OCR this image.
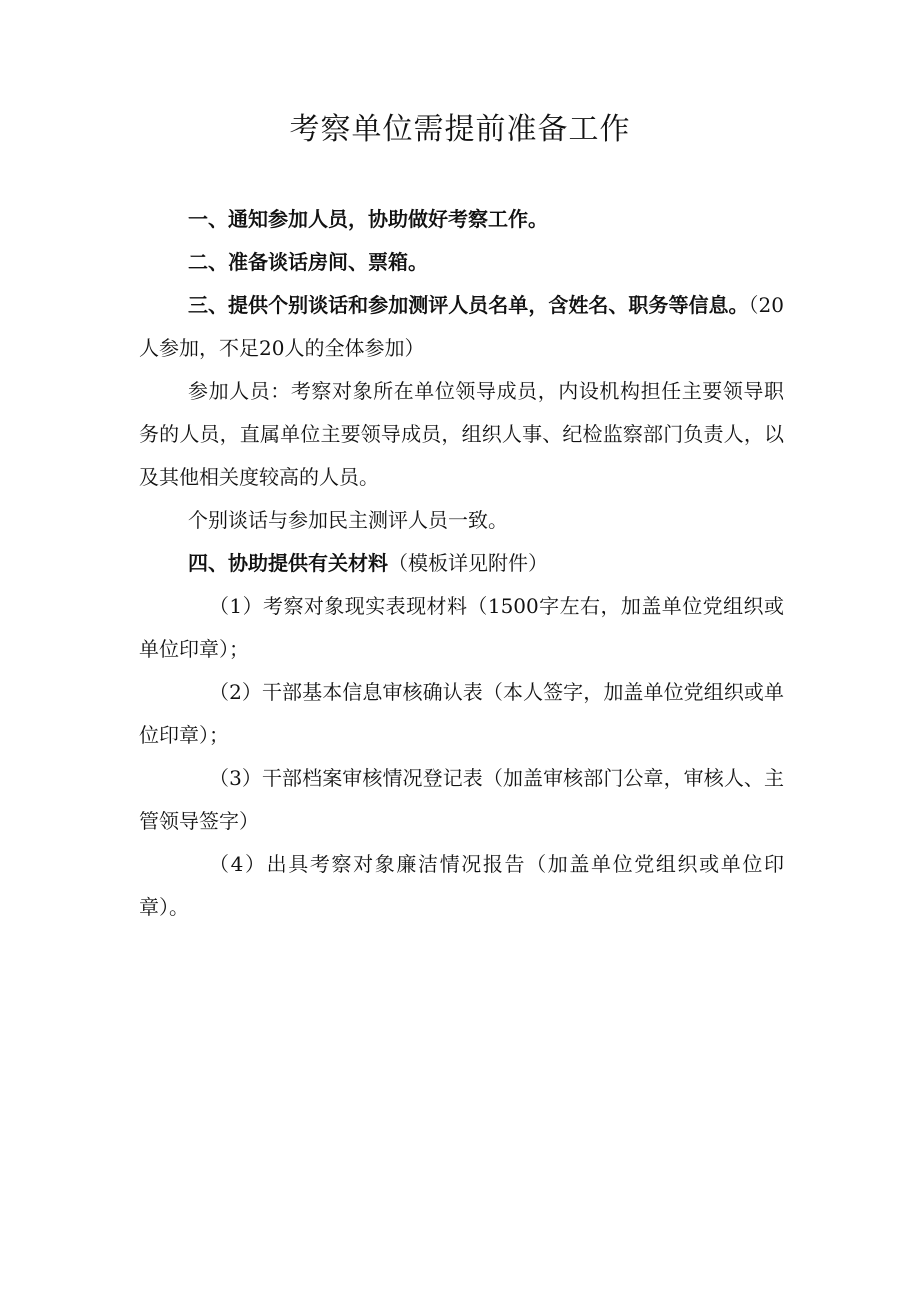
考察单位需提前准备工作

一、通知参加人员，协助做好考察工作。

二、准备谈话房间、票箱。

三、提供个别谈话和参加测评人员名单，含姓名、职务等信息。（20人参加，不足20人的全体参加）

参加人员：考察对象所在单位领导成员，内设机构担任主要领导职务的人员，直属单位主要领导成员，组织人事、纪检监察部门负责人，以及其他相关度较高的人员。

个别谈话与参加民主测评人员一致。

四、协助提供有关材料（模板详见附件）

（1）考察对象现实表现材料（1500字左右，加盖单位党组织或单位印章）；

（2）干部基本信息审核确认表（本人签字，加盖单位党组织或单位印章）；

（3）干部档案审核情况登记表（加盖审核部门公章，审核人、主管领导签字）

（4）出具考察对象廉洁情况报告（加盖单位党组织或单位印章）。
